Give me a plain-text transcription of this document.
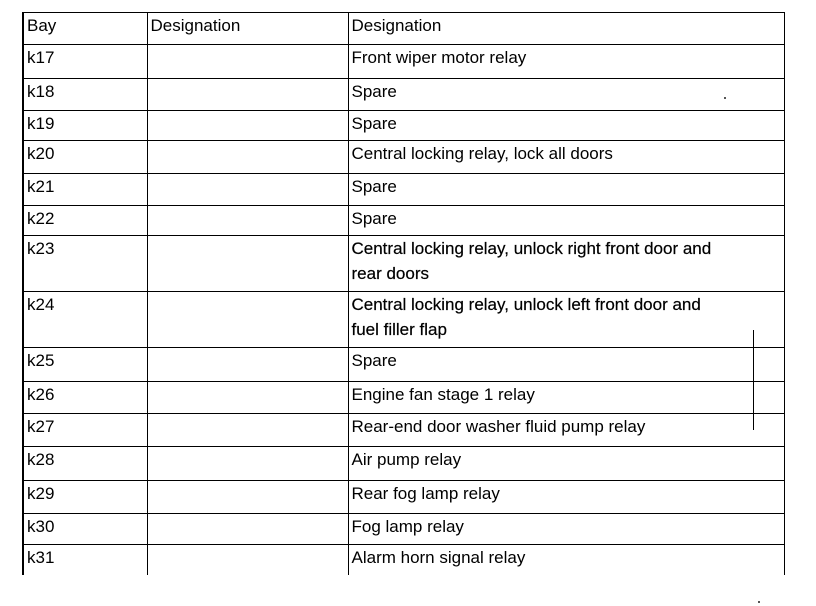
Bay	Designation	Designation
k17		Front wiper motor relay
k18		Spare
k19		Spare
k20		Central locking relay, lock all doors
k21		Spare
k22		Spare
k23		Central locking relay, unlock right front door and rear doors

k24		Central locking relay, unlock left front door and fuel filler flap

k25		Spare
k26		Engine fan stage 1 relay
k27		Rear-end door washer fluid pump relay
k28		Air pump relay
k29		Rear fog lamp relay
k30		Fog lamp relay
k31		Alarm horn signal relay
